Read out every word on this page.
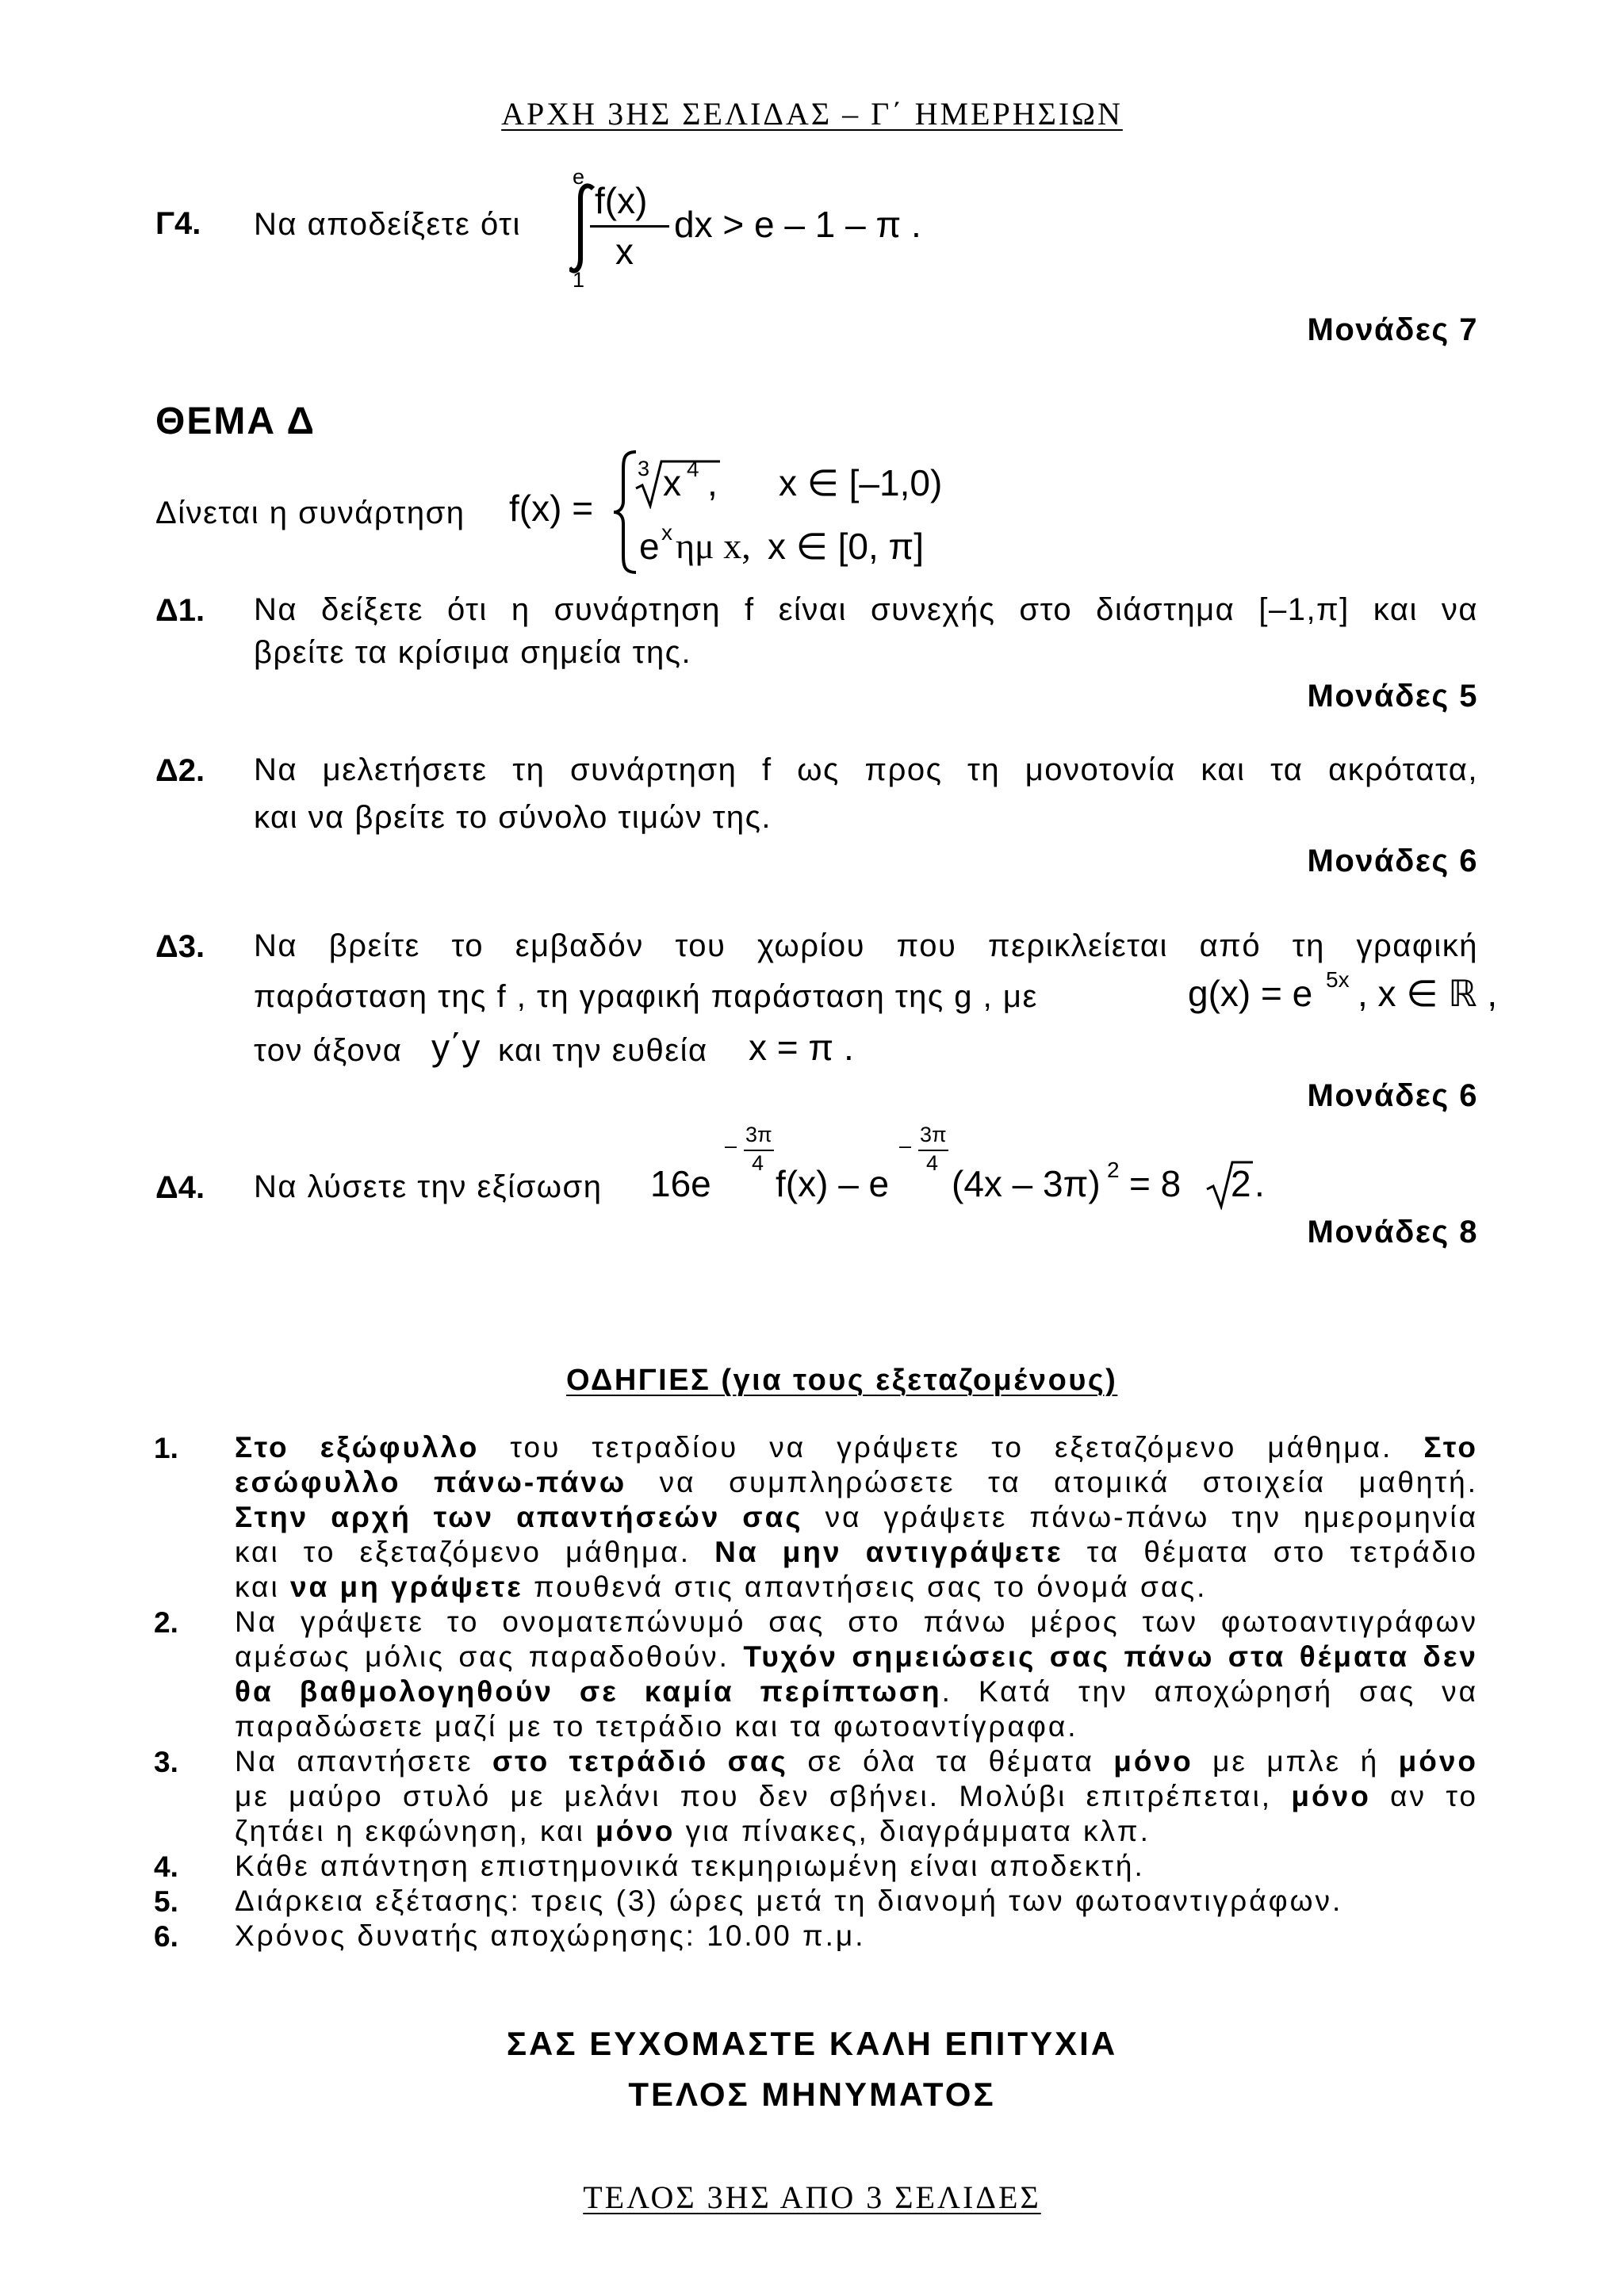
ΑΡΧΗ 3ΗΣ ΣΕΛΙΔΑΣ – Γ΄ ΗΜΕΡΗΣΙΩΝ
Γ4. Να αποδείξετε ότι
e
1
f(x)
x
dx > e – 1 – π .
Μονάδες 7
ΘΕΜΑ Δ
Δίνεται η συνάρτηση f(x) =
3 x 4 , x ∈ [–1,0)
e x ημ x, x ∈ [0, π]
Δ1. Να δείξετε ότι η συνάρτηση f είναι συνεχής στο διάστημα [–1,π] και να
βρείτε τα κρίσιμα σημεία της.
Μονάδες 5
Δ2. Να μελετήσετε τη συνάρτηση f ως προς τη μονοτονία και τα ακρότατα,
και να βρείτε το σύνολο τιμών της.
Μονάδες 6
Δ3. Να βρείτε το εμβαδόν του χωρίου που περικλείεται από τη γραφική
παράσταση της f , τη γραφική παράσταση της g , με	g(x) = e 5x , x ∈ ℝ ,
τον άξονα y΄y και την ευθεία x = π .
Μονάδες 6
Δ4. Να λύσετε την εξίσωση 16e
– 3π
4 f(x) – e
– 3π
4 (4x – 3π) 2 = 8 2 .
Μονάδες 8
ΟΔΗΓΙΕΣ (για τους εξεταζομένους)
1. Στο εξώφυλλο του τετραδίου να γράψετε το εξεταζόμενο μάθημα. Στο
εσώφυλλο πάνω-πάνω να συμπληρώσετε τα ατομικά στοιχεία μαθητή.
Στην αρχή των απαντήσεών σας να γράψετε πάνω-πάνω την ημερομηνία
και το εξεταζόμενο μάθημα. Να μην αντιγράψετε τα θέματα στο τετράδιο
και να μη γράψετε πουθενά στις απαντήσεις σας το όνομά σας.
2. Να γράψετε το ονοματεπώνυμό σας στο πάνω μέρος των φωτοαντιγράφων
αμέσως μόλις σας παραδοθούν. Τυχόν σημειώσεις σας πάνω στα θέματα δεν
θα βαθμολογηθούν σε καμία περίπτωση. Κατά την αποχώρησή σας να
παραδώσετε μαζί με το τετράδιο και τα φωτοαντίγραφα.
3. Να απαντήσετε στο τετράδιό σας σε όλα τα θέματα μόνο με μπλε ή μόνο
με μαύρο στυλό με μελάνι που δεν σβήνει. Μολύβι επιτρέπεται, μόνο αν το
ζητάει η εκφώνηση, και μόνο για πίνακες, διαγράμματα κλπ.
4. Κάθε απάντηση επιστημονικά τεκμηριωμένη είναι αποδεκτή.
5. Διάρκεια εξέτασης: τρεις (3) ώρες μετά τη διανομή των φωτοαντιγράφων.
6. Χρόνος δυνατής αποχώρησης: 10.00 π.μ.
ΣΑΣ ΕΥΧΟΜΑΣΤΕ ΚΑΛΗ ΕΠΙΤΥΧΙΑ
ΤΕΛΟΣ ΜΗΝΥΜΑΤΟΣ
ΤΕΛΟΣ 3ΗΣ ΑΠΟ 3 ΣΕΛΙΔΕΣ
